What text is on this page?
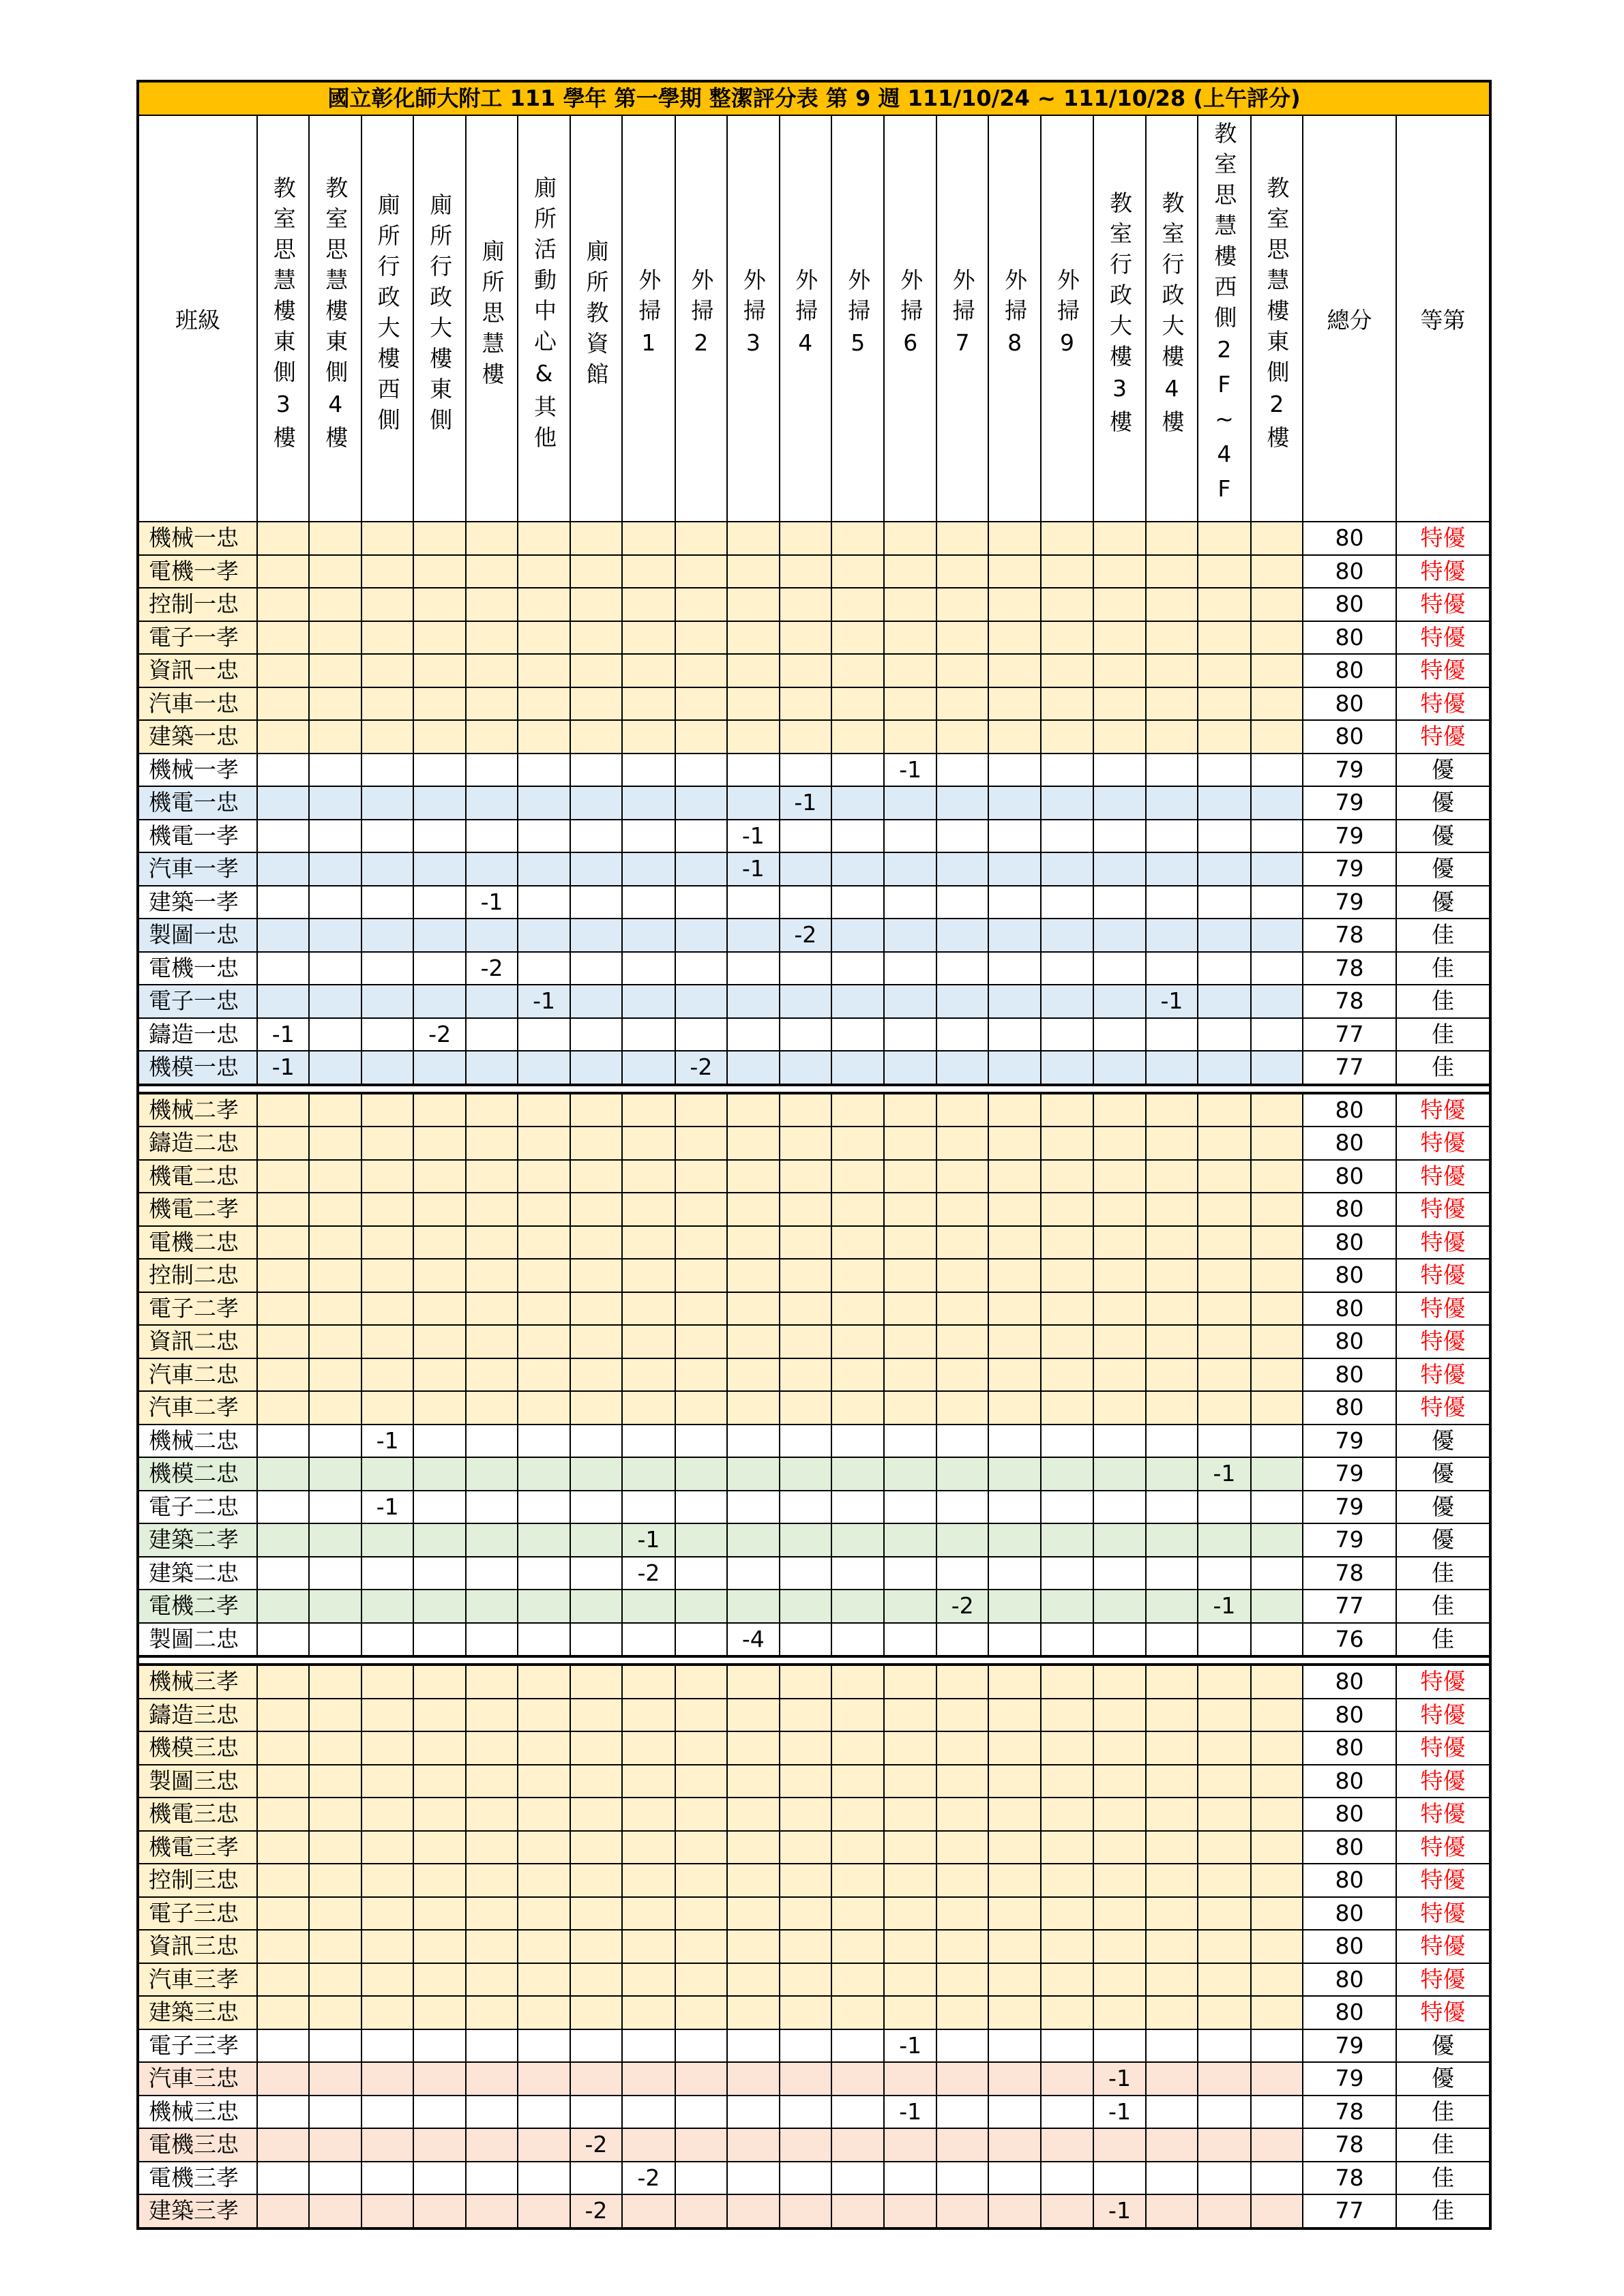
國立彰化師大附工 111 學年 第一學期 整潔評分表 第 9 週 111/10/24 ~ 111/10/28 (上午評分)																						
班級	教室思慧樓東側3樓	教室思慧樓東側4樓	廁所行政大樓西側	廁所行政大樓東側	廁所思慧樓	廁所活動中心&其他	廁所教資館	外掃1	外掃2	外掃3	外掃4	外掃5	外掃6	外掃7	外掃8	外掃9	教室行政大樓3樓	教室行政大樓4樓	教室思慧樓西側2F~4F	教室思慧樓東側2樓	總分	等第
機械一忠																					80	特優
電機一孝																					80	特優
控制一忠																					80	特優
電子一孝																					80	特優
資訊一忠																					80	特優
汽車一忠																					80	特優
建築一忠																					80	特優
機械一孝													-1								79	優
機電一忠											-1										79	優
機電一孝										-1											79	優
汽車一孝										-1											79	優
建築一孝					-1																79	優
製圖一忠											-2										78	佳
電機一忠					-2																78	佳
電子一忠						-1												-1			78	佳
鑄造一忠	-1			-2																	77	佳
機模一忠	-1								-2												77	佳

機械二孝																					80	特優
鑄造二忠																					80	特優
機電二忠																					80	特優
機電二孝																					80	特優
電機二忠																					80	特優
控制二忠																					80	特優
電子二孝																					80	特優
資訊二忠																					80	特優
汽車二忠																					80	特優
汽車二孝																					80	特優
機械二忠			-1																		79	優
機模二忠																			-1		79	優
電子二忠			-1																		79	優
建築二孝								-1													79	優
建築二忠								-2													78	佳
電機二孝														-2					-1		77	佳
製圖二忠										-4											76	佳

機械三孝																					80	特優
鑄造三忠																					80	特優
機模三忠																					80	特優
製圖三忠																					80	特優
機電三忠																					80	特優
機電三孝																					80	特優
控制三忠																					80	特優
電子三忠																					80	特優
資訊三忠																					80	特優
汽車三孝																					80	特優
建築三忠																					80	特優
電子三孝													-1								79	優
汽車三忠																	-1				79	優
機械三忠													-1				-1				78	佳
電機三忠							-2														78	佳
電機三孝								-2													78	佳
建築三孝							-2										-1				77	佳
